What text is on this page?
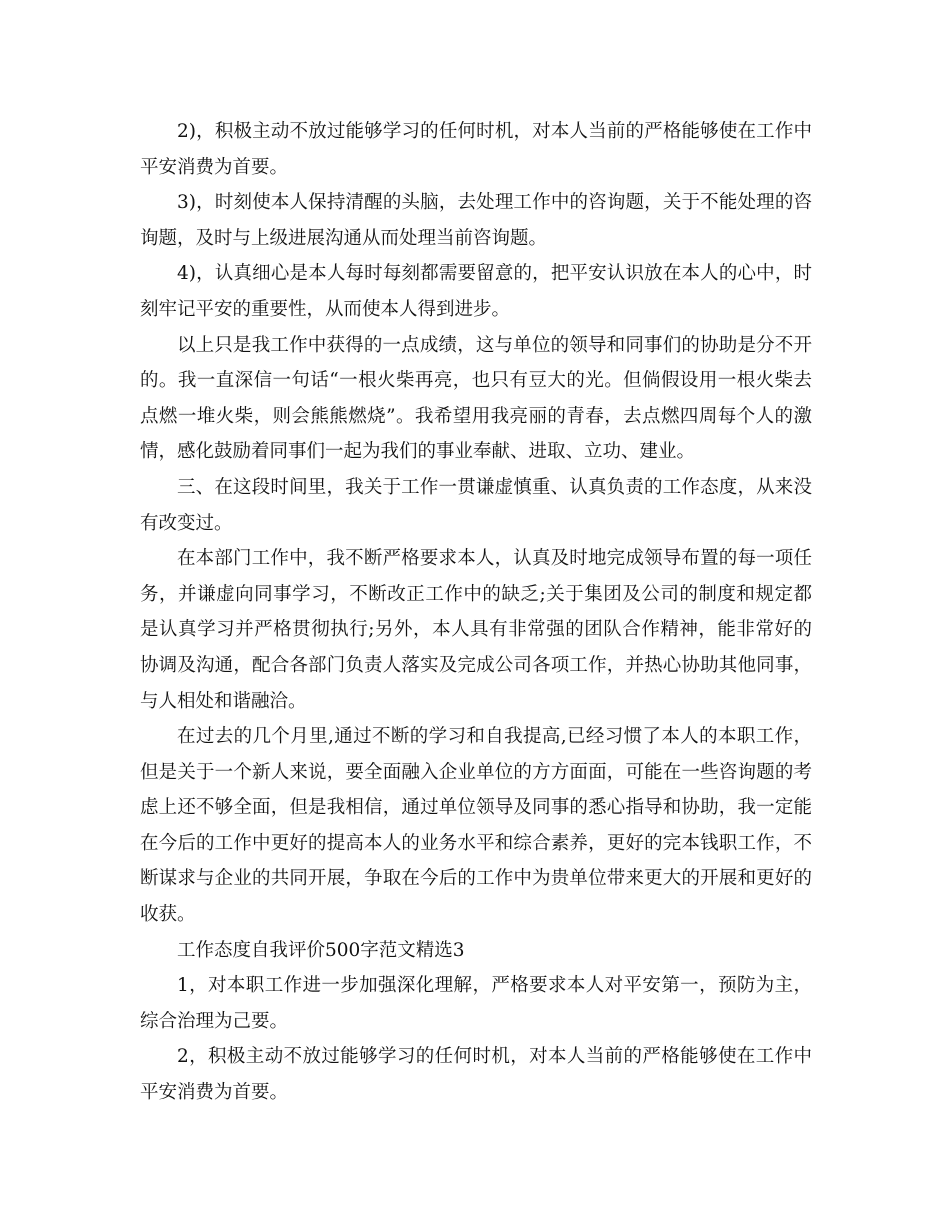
2)，积极主动不放过能够学习的任何时机，对本人当前的严格能够使在工作中平安消费为首要。

3)，时刻使本人保持清醒的头脑，去处理工作中的咨询题，关于不能处理的咨询题，及时与上级进展沟通从而处理当前咨询题。

4)，认真细心是本人每时每刻都需要留意的，把平安认识放在本人的心中，时刻牢记平安的重要性，从而使本人得到进步。

以上只是我工作中获得的一点成绩，这与单位的领导和同事们的协助是分不开的。我一直深信一句话“一根火柴再亮，也只有豆大的光。但倘假设用一根火柴去点燃一堆火柴，则会熊熊燃烧”。我希望用我亮丽的青春，去点燃四周每个人的激情，感化鼓励着同事们一起为我们的事业奉献、进取、立功、建业。

三、在这段时间里，我关于工作一贯谦虚慎重、认真负责的工作态度，从来没有改变过。

在本部门工作中，我不断严格要求本人，认真及时地完成领导布置的每一项任务，并谦虚向同事学习，不断改正工作中的缺乏;关于集团及公司的制度和规定都是认真学习并严格贯彻执行;另外，本人具有非常强的团队合作精神，能非常好的协调及沟通，配合各部门负责人落实及完成公司各项工作，并热心协助其他同事，与人相处和谐融洽。

在过去的几个月里,通过不断的学习和自我提高,已经习惯了本人的本职工作，但是关于一个新人来说，要全面融入企业单位的方方面面，可能在一些咨询题的考虑上还不够全面，但是我相信，通过单位领导及同事的悉心指导和协助，我一定能在今后的工作中更好的提高本人的业务水平和综合素养，更好的完本钱职工作，不断谋求与企业的共同开展，争取在今后的工作中为贵单位带来更大的开展和更好的收获。

工作态度自我评价500字范文精选3

1，对本职工作进一步加强深化理解，严格要求本人对平安第一，预防为主，综合治理为己要。

2，积极主动不放过能够学习的任何时机，对本人当前的严格能够使在工作中平安消费为首要。
